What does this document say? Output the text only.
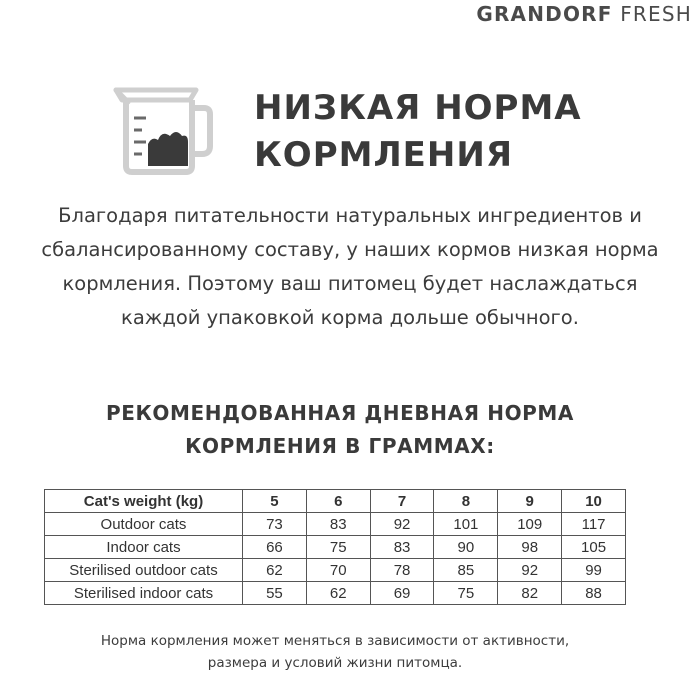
GRANDORF FRESH
НИЗКАЯ НОРМА
КОРМЛЕНИЯ
Благодаря питательности натуральных ингредиентов и
сбалансированному составу, у наших кормов низкая норма
кормления. Поэтому ваш питомец будет наслаждаться
каждой упаковкой корма дольше обычного.
РЕКОМЕНДОВАННАЯ ДНЕВНАЯ НОРМА
КОРМЛЕНИЯ В ГРАММАХ:
Cat's weight (kg)	5	6	7	8	9	10
Outdoor cats	73	83	92	101	109	117
Indoor cats	66	75	83	90	98	105
Sterilised outdoor cats	62	70	78	85	92	99
Sterilised indoor cats	55	62	69	75	82	88
Норма кормления может меняться в зависимости от активности,
размера и условий жизни питомца.
